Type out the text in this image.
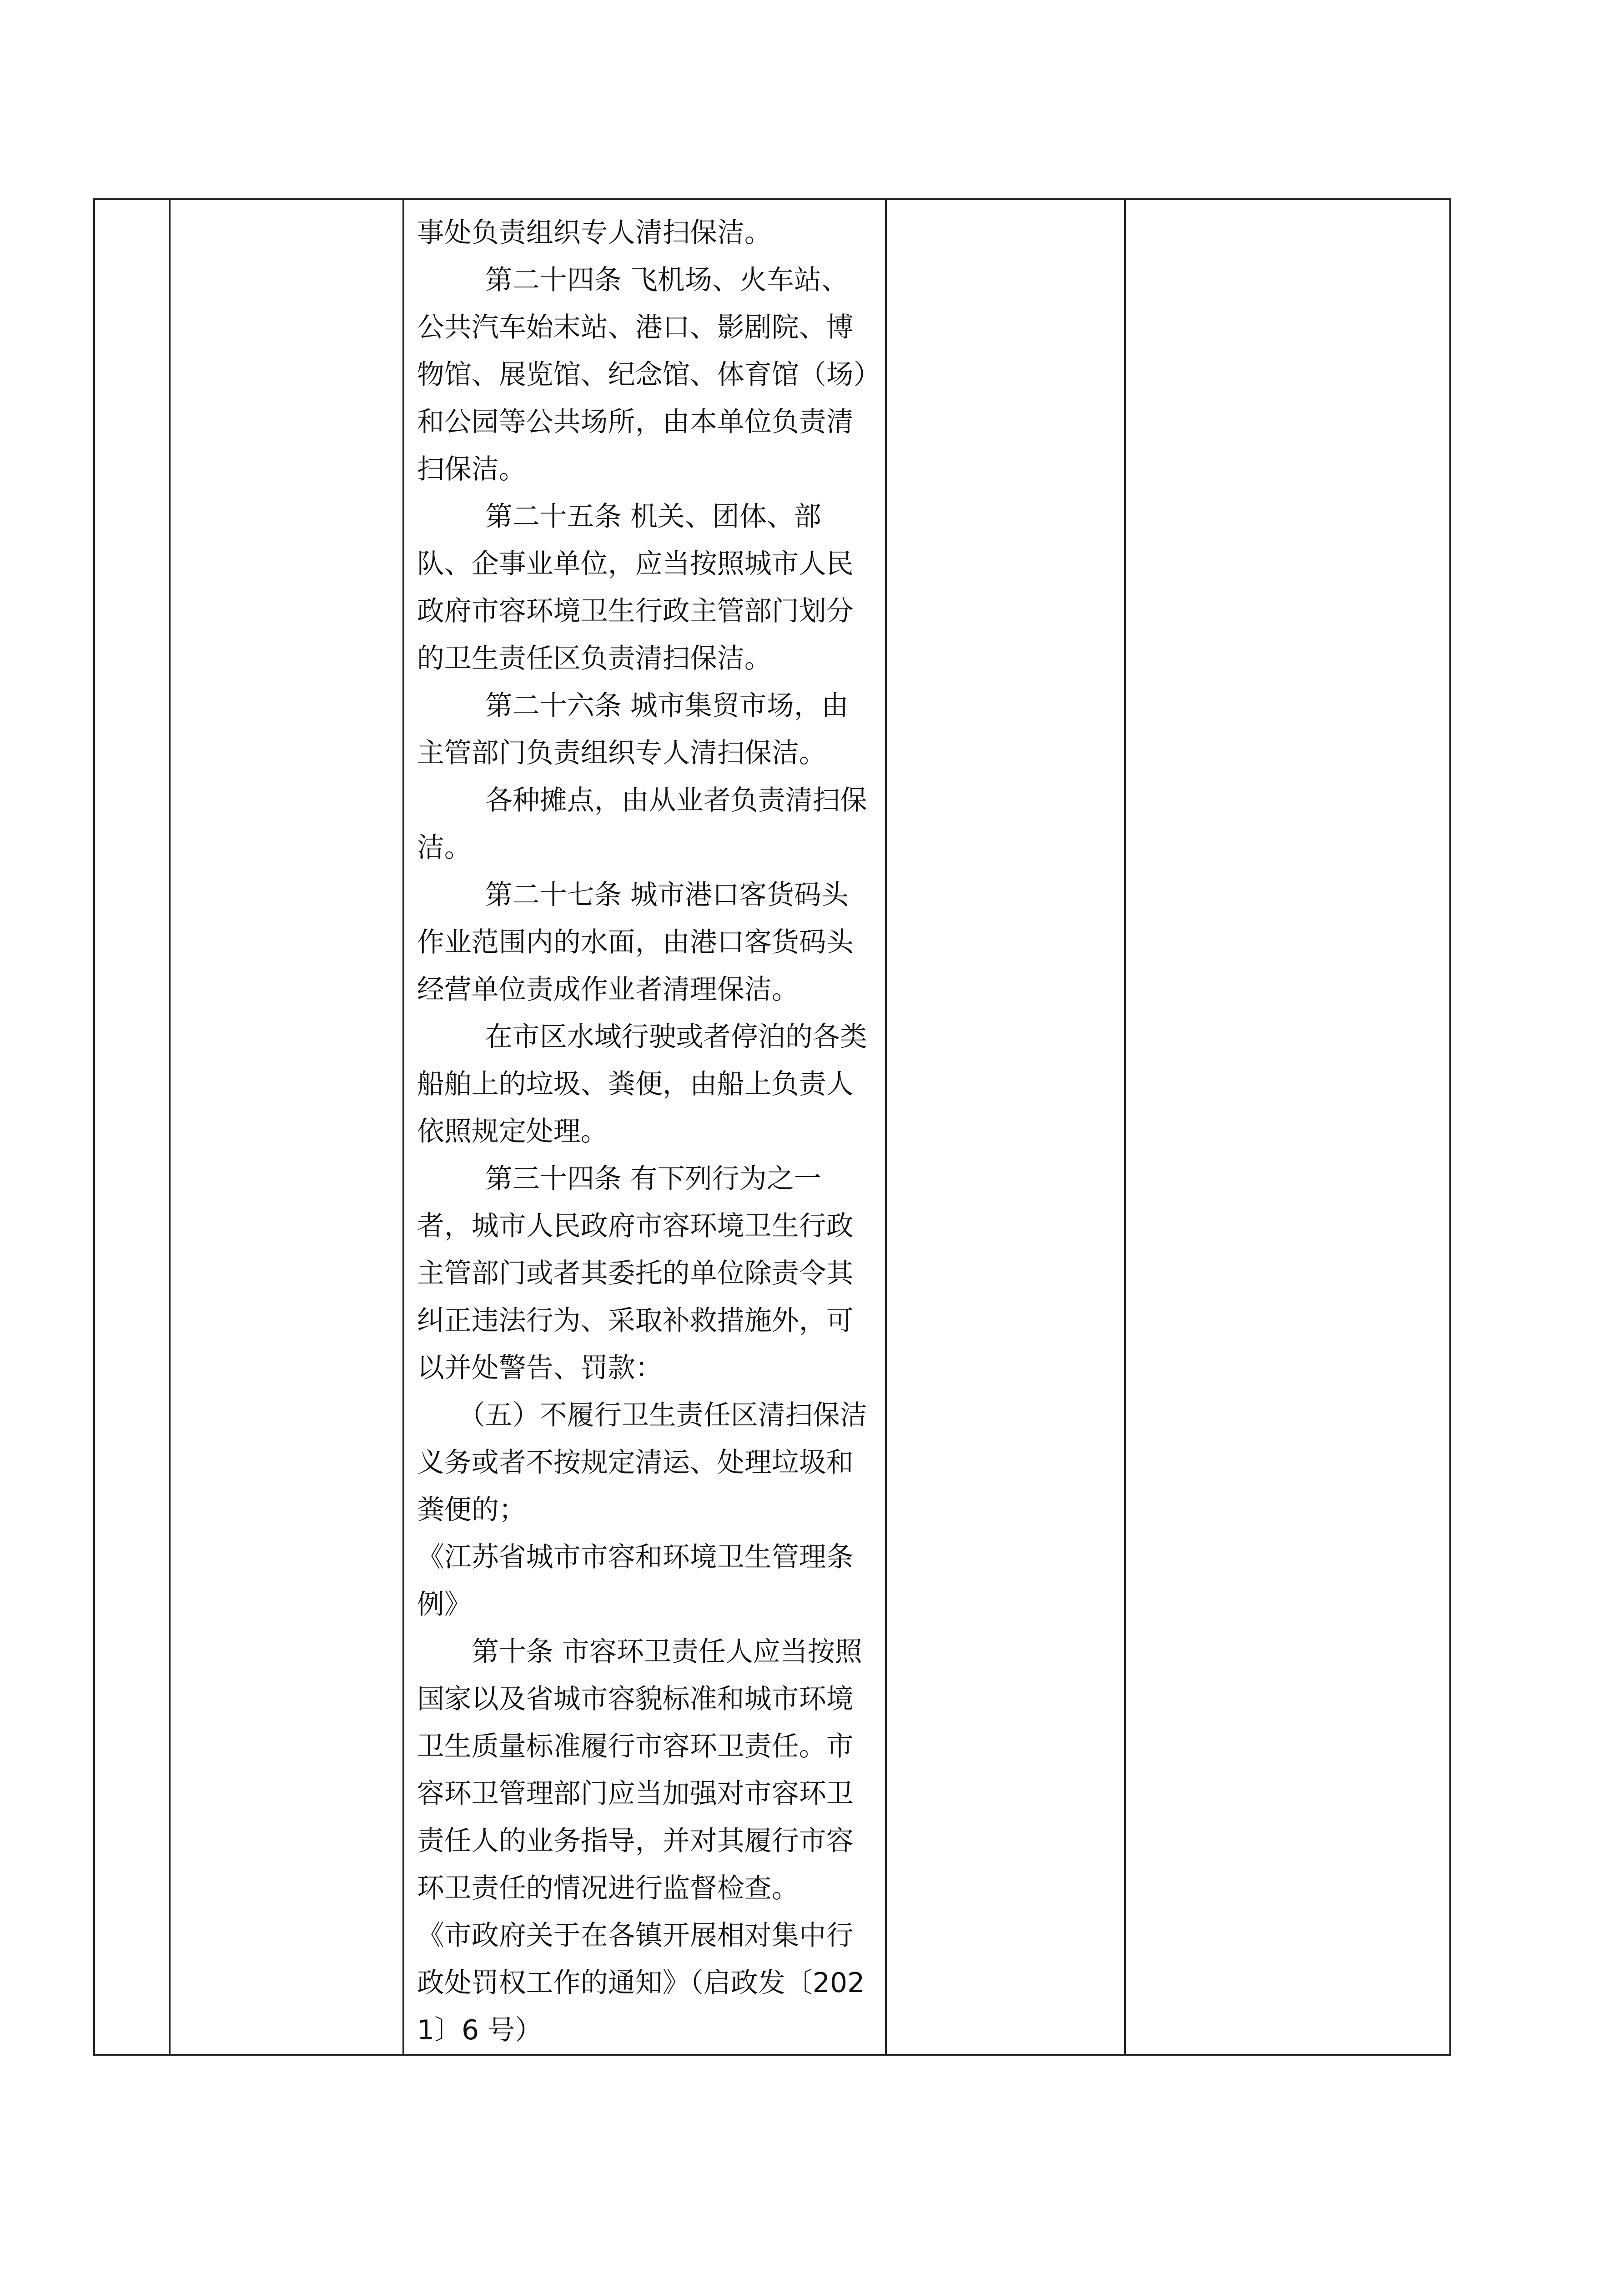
事处负责组织专人清扫保洁。

第二十四条 飞机场、火车站、公共汽车始末站、港口、影剧院、博物馆、展览馆、纪念馆、体育馆（场）和公园等公共场所，由本单位负责清扫保洁。

第二十五条 机关、团体、部队、企事业单位，应当按照城市人民政府市容环境卫生行政主管部门划分的卫生责任区负责清扫保洁。

第二十六条 城市集贸市场，由主管部门负责组织专人清扫保洁。

各种摊点，由从业者负责清扫保洁。

第二十七条 城市港口客货码头作业范围内的水面，由港口客货码头经营单位责成作业者清理保洁。

在市区水域行驶或者停泊的各类船舶上的垃圾、粪便，由船上负责人依照规定处理。

第三十四条 有下列行为之一者，城市人民政府市容环境卫生行政主管部门或者其委托的单位除责令其纠正违法行为、采取补救措施外，可以并处警告、罚款：

（五）不履行卫生责任区清扫保洁义务或者不按规定清运、处理垃圾和粪便的；

《江苏省城市市容和环境卫生管理条例》

第十条 市容环卫责任人应当按照国家以及省城市容貌标准和城市环境卫生质量标准履行市容环卫责任。市容环卫管理部门应当加强对市容环卫责任人的业务指导，并对其履行市容环卫责任的情况进行监督检查。

《市政府关于在各镇开展相对集中行政处罚权工作的通知》（启政发〔2021〕6 号）
